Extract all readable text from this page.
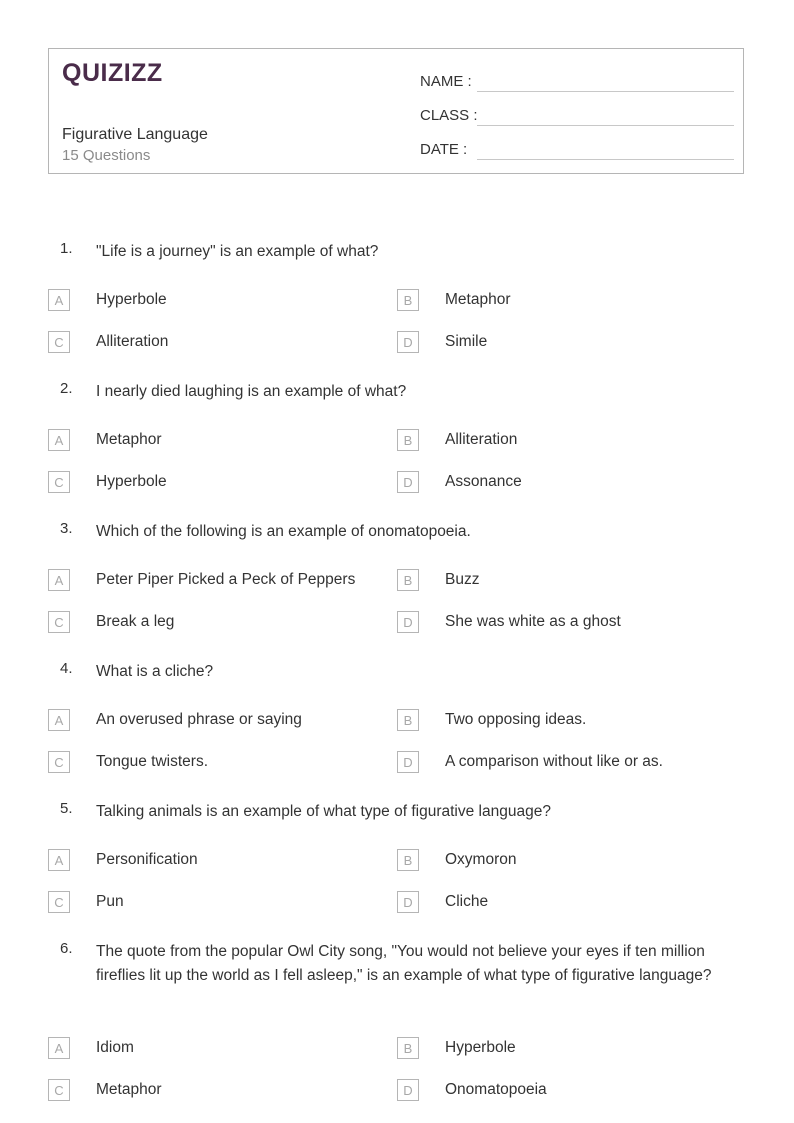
QUIZIZZ
Figurative Language
15 Questions
NAME :
CLASS :
DATE :
1. "Life is a journey" is an example of what?
A	Hyperbole	B	Metaphor
C	Alliteration	D	Simile
2. I nearly died laughing is an example of what?
A	Metaphor	B	Alliteration
C	Hyperbole	D	Assonance
3. Which of the following is an example of onomatopoeia.
A	Peter Piper Picked a Peck of Peppers	B	Buzz
C	Break a leg	D	She was white as a ghost
4. What is a cliche?
A	An overused phrase or saying	B	Two opposing ideas.
C	Tongue twisters.	D	A comparison without like or as.
5. Talking animals is an example of what type of figurative language?
A	Personification	B	Oxymoron
C	Pun	D	Cliche
6. The quote from the popular Owl City song, "You would not believe your eyes if ten million fireflies lit up the world as I fell asleep," is an example of what type of figurative language?
A	Idiom	B	Hyperbole
C	Metaphor	D	Onomatopoeia
